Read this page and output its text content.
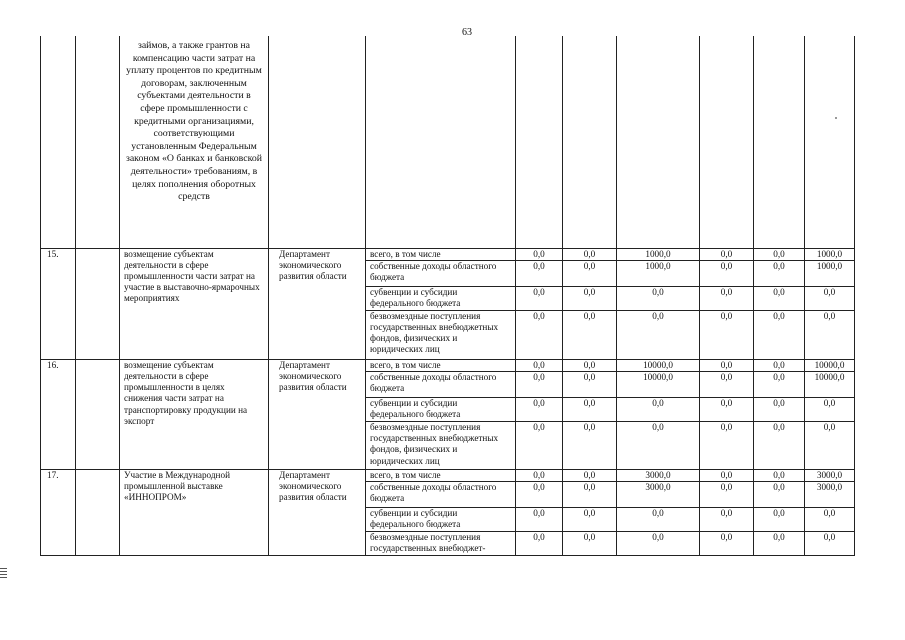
63
		займов, а также грантов на компенсацию части затрат на уплату процентов по кредитным договорам, заключенным субъектами деятельности в сфере промышленности с кредитными организациями, соответствующими установленным Федеральным законом «О банках и банковской деятельности» требованиям, в целях пополнения оборотных средств								
15.		возмещение субъектам деятельности в сфере промышленности части затрат на участие в выставочно-ярмарочных мероприятиях	Департамент экономического развития области	всего, в том числе	0,0	0,0	1000,0	0,0	0,0	1000,0
				собственные доходы областного бюджета	0,0	0,0	1000,0	0,0	0,0	1000,0
				субвенции и субсидии федерального бюджета	0,0	0,0	0,0	0,0	0,0	0,0
				безвозмездные поступления государственных внебюджетных фондов, физических и юридических лиц	0,0	0,0	0,0	0,0	0,0	0,0
16.		возмещение субъектам деятельности в сфере промышленности в целях снижения части затрат на транспортировку продукции на экспорт	Департамент экономического развития области	всего, в том числе	0,0	0,0	10000,0	0,0	0,0	10000,0
				собственные доходы областного бюджета	0,0	0,0	10000,0	0,0	0,0	10000,0
				субвенции и субсидии федерального бюджета	0,0	0,0	0,0	0,0	0,0	0,0
				безвозмездные поступления государственных внебюджетных фондов, физических и юридических лиц	0,0	0,0	0,0	0,0	0,0	0,0
17.		Участие в Международной промышленной выставке «ИННОПРОМ»	Департамент экономического развития области	всего, в том числе	0,0	0,0	3000,0	0,0	0,0	3000,0
				собственные доходы областного бюджета	0,0	0,0	3000,0	0,0	0,0	3000,0
				субвенции и субсидии федерального бюджета	0,0	0,0	0,0	0,0	0,0	0,0
				безвозмездные поступления государственных внебюджет-	0,0	0,0	0,0	0,0	0,0	0,0
